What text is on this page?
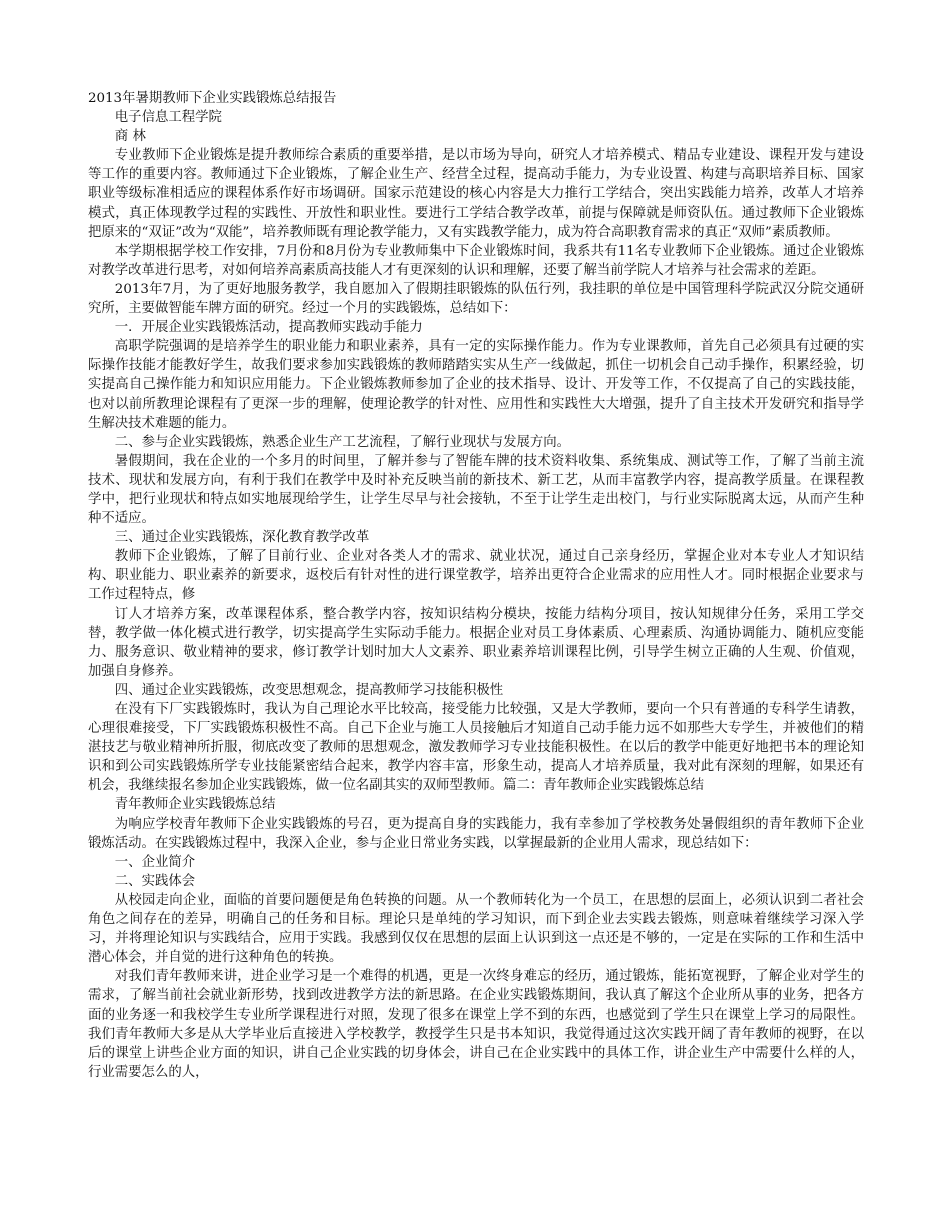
2013年暑期教师下企业实践锻炼总结报告
电子信息工程学院
商 林
专业教师下企业锻炼是提升教师综合素质的重要举措，是以市场为导向，研究人才培养模式、精品专业建设、课程开发与建设等工作的重要内容。教师通过下企业锻炼，了解企业生产、经营全过程，提高动手能力，为专业设置、构建与高职培养目标、国家职业等级标准相适应的课程体系作好市场调研。国家示范建设的核心内容是大力推行工学结合，突出实践能力培养，改革人才培养模式，真正体现教学过程的实践性、开放性和职业性。要进行工学结合教学改革，前提与保障就是师资队伍。通过教师下企业锻炼把原来的“双证”改为“双能”，培养教师既有理论教学能力，又有实践教学能力，成为符合高职教育需求的真正“双师”素质教师。
本学期根据学校工作安排，7月份和8月份为专业教师集中下企业锻炼时间，我系共有11名专业教师下企业锻炼。通过企业锻炼对教学改革进行思考，对如何培养高素质高技能人才有更深刻的认识和理解，还要了解当前学院人才培养与社会需求的差距。
2013年7月，为了更好地服务教学，我自愿加入了假期挂职锻炼的队伍行列，我挂职的单位是中国管理科学院武汉分院交通研究所，主要做智能车牌方面的研究。经过一个月的实践锻炼，总结如下：
一．开展企业实践锻炼活动，提高教师实践动手能力
高职学院强调的是培养学生的职业能力和职业素养，具有一定的实际操作能力。作为专业课教师，首先自己必须具有过硬的实际操作技能才能教好学生，故我们要求参加实践锻炼的教师踏踏实实从生产一线做起，抓住一切机会自己动手操作，积累经验，切实提高自己操作能力和知识应用能力。下企业锻炼教师参加了企业的技术指导、设计、开发等工作，不仅提高了自己的实践技能，也对以前所教理论课程有了更深一步的理解，使理论教学的针对性、应用性和实践性大大增强，提升了自主技术开发研究和指导学生解决技术难题的能力。
二、参与企业实践锻炼，熟悉企业生产工艺流程，了解行业现状与发展方向。
暑假期间，我在企业的一个多月的时间里，了解并参与了智能车牌的技术资料收集、系统集成、测试等工作，了解了当前主流技术、现状和发展方向，有利于我们在教学中及时补充反映当前的新技术、新工艺，从而丰富教学内容，提高教学质量。在课程教学中，把行业现状和特点如实地展现给学生，让学生尽早与社会接轨，不至于让学生走出校门，与行业实际脱离太远，从而产生种种不适应。
三、通过企业实践锻炼，深化教育教学改革
教师下企业锻炼，了解了目前行业、企业对各类人才的需求、就业状况，通过自己亲身经历，掌握企业对本专业人才知识结构、职业能力、职业素养的新要求，返校后有针对性的进行课堂教学，培养出更符合企业需求的应用性人才。同时根据企业要求与工作过程特点，修
订人才培养方案，改革课程体系，整合教学内容，按知识结构分模块，按能力结构分项目，按认知规律分任务，采用工学交替，教学做一体化模式进行教学，切实提高学生实际动手能力。根据企业对员工身体素质、心理素质、沟通协调能力、随机应变能力、服务意识、敬业精神的要求，修订教学计划时加大人文素养、职业素养培训课程比例，引导学生树立正确的人生观、价值观，加强自身修养。
四、通过企业实践锻炼，改变思想观念，提高教师学习技能积极性
在没有下厂实践锻炼时，我认为自己理论水平比较高，接受能力比较强，又是大学教师，要向一个只有普通的专科学生请教，心理很难接受，下厂实践锻炼积极性不高。自己下企业与施工人员接触后才知道自己动手能力远不如那些大专学生，并被他们的精湛技艺与敬业精神所折服，彻底改变了教师的思想观念，激发教师学习专业技能积极性。在以后的教学中能更好地把书本的理论知识和到公司实践锻炼所学专业技能紧密结合起来，教学内容丰富，形象生动，提高人才培养质量，我对此有深刻的理解，如果还有机会，我继续报名参加企业实践锻炼，做一位名副其实的双师型教师。篇二：青年教师企业实践锻炼总结
青年教师企业实践锻炼总结
为响应学校青年教师下企业实践锻炼的号召，更为提高自身的实践能力，我有幸参加了学校教务处暑假组织的青年教师下企业锻炼活动。在实践锻炼过程中，我深入企业，参与企业日常业务实践，以掌握最新的企业用人需求，现总结如下：
一、企业简介
二、实践体会
从校园走向企业，面临的首要问题便是角色转换的问题。从一个教师转化为一个员工，在思想的层面上，必须认识到二者社会角色之间存在的差异，明确自己的任务和目标。理论只是单纯的学习知识，而下到企业去实践去锻炼，则意味着继续学习深入学习，并将理论知识与实践结合，应用于实践。我感到仅仅在思想的层面上认识到这一点还是不够的，一定是在实际的工作和生活中潜心体会，并自觉的进行这种角色的转换。
对我们青年教师来讲，进企业学习是一个难得的机遇，更是一次终身难忘的经历，通过锻炼，能拓宽视野，了解企业对学生的需求，了解当前社会就业新形势，找到改进教学方法的新思路。在企业实践锻炼期间，我认真了解这个企业所从事的业务，把各方面的业务逐一和我校学生专业所学课程进行对照，发现了很多在课堂上学不到的东西，也感觉到了学生只在课堂上学习的局限性。我们青年教师大多是从大学毕业后直接进入学校教学，教授学生只是书本知识，我觉得通过这次实践开阔了青年教师的视野，在以后的课堂上讲些企业方面的知识，讲自己企业实践的切身体会，讲自己在企业实践中的具体工作，讲企业生产中需要什么样的人，行业需要怎么的人，
